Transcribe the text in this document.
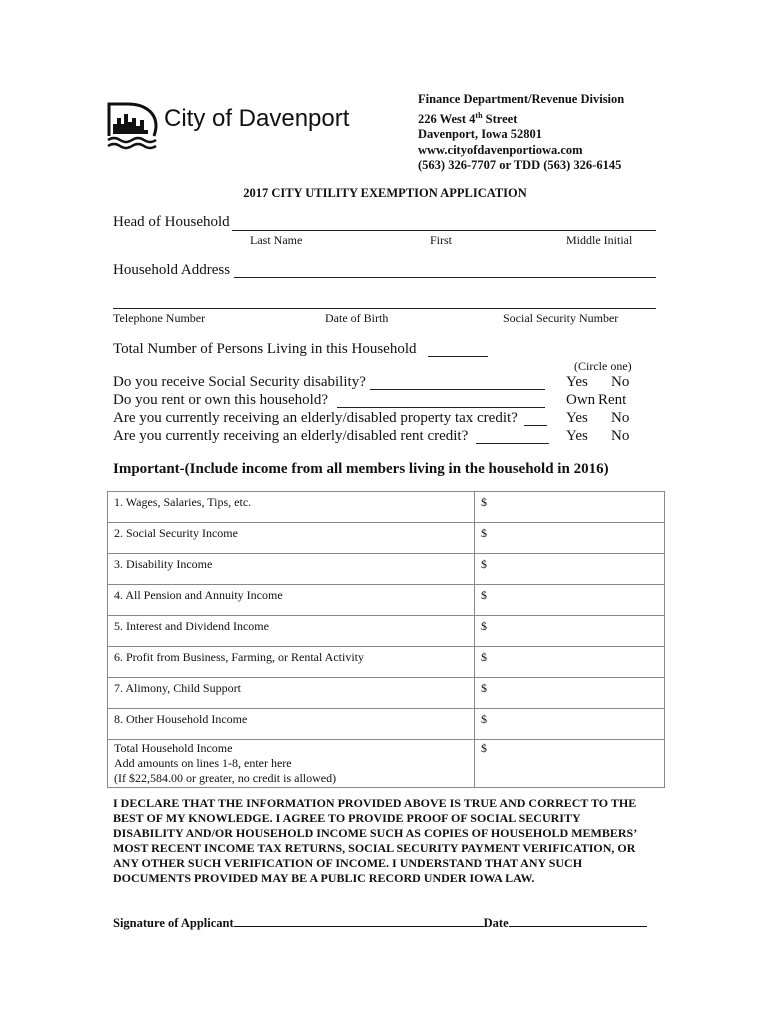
City of Davenport
Finance Department/Revenue Division
226 West 4th Street
Davenport, Iowa 52801
www.cityofdavenportiowa.com
(563) 326-7707 or TDD (563) 326-6145
2017 CITY UTILITY EXEMPTION APPLICATION
Head of Household
Last Name	First	Middle Initial
Household Address
Telephone Number	Date of Birth	Social Security Number
Total Number of Persons Living in this Household
(Circle one)
Do you receive Social Security disability?	Yes No
Do you rent or own this household?	Own Rent
Are you currently receiving an elderly/disabled property tax credit?	Yes No
Are you currently receiving an elderly/disabled rent credit?	Yes No
Important-(Include income from all members living in the household in 2016)
1. Wages, Salaries, Tips, etc.	$

2. Social Security Income	$

3. Disability Income	$

4. All Pension and Annuity Income	$

5. Interest and Dividend Income	$

6. Profit from Business, Farming, or Rental Activity	$

7. Alimony, Child Support	$

8. Other Household Income	$

Total Household Income
Add amounts on lines 1-8, enter here
(If $22,584.00 or greater, no credit is allowed)	$
I DECLARE THAT THE INFORMATION PROVIDED ABOVE IS TRUE AND CORRECT TO THE BEST OF MY KNOWLEDGE. I AGREE TO PROVIDE PROOF OF SOCIAL SECURITY DISABILITY AND/OR HOUSEHOLD INCOME SUCH AS COPIES OF HOUSEHOLD MEMBERS’ MOST RECENT INCOME TAX RETURNS, SOCIAL SECURITY PAYMENT VERIFICATION, OR ANY OTHER SUCH VERIFICATION OF INCOME. I UNDERSTAND THAT ANY SUCH DOCUMENTS PROVIDED MAY BE A PUBLIC RECORD UNDER IOWA LAW.
Signature of Applicant	Date
